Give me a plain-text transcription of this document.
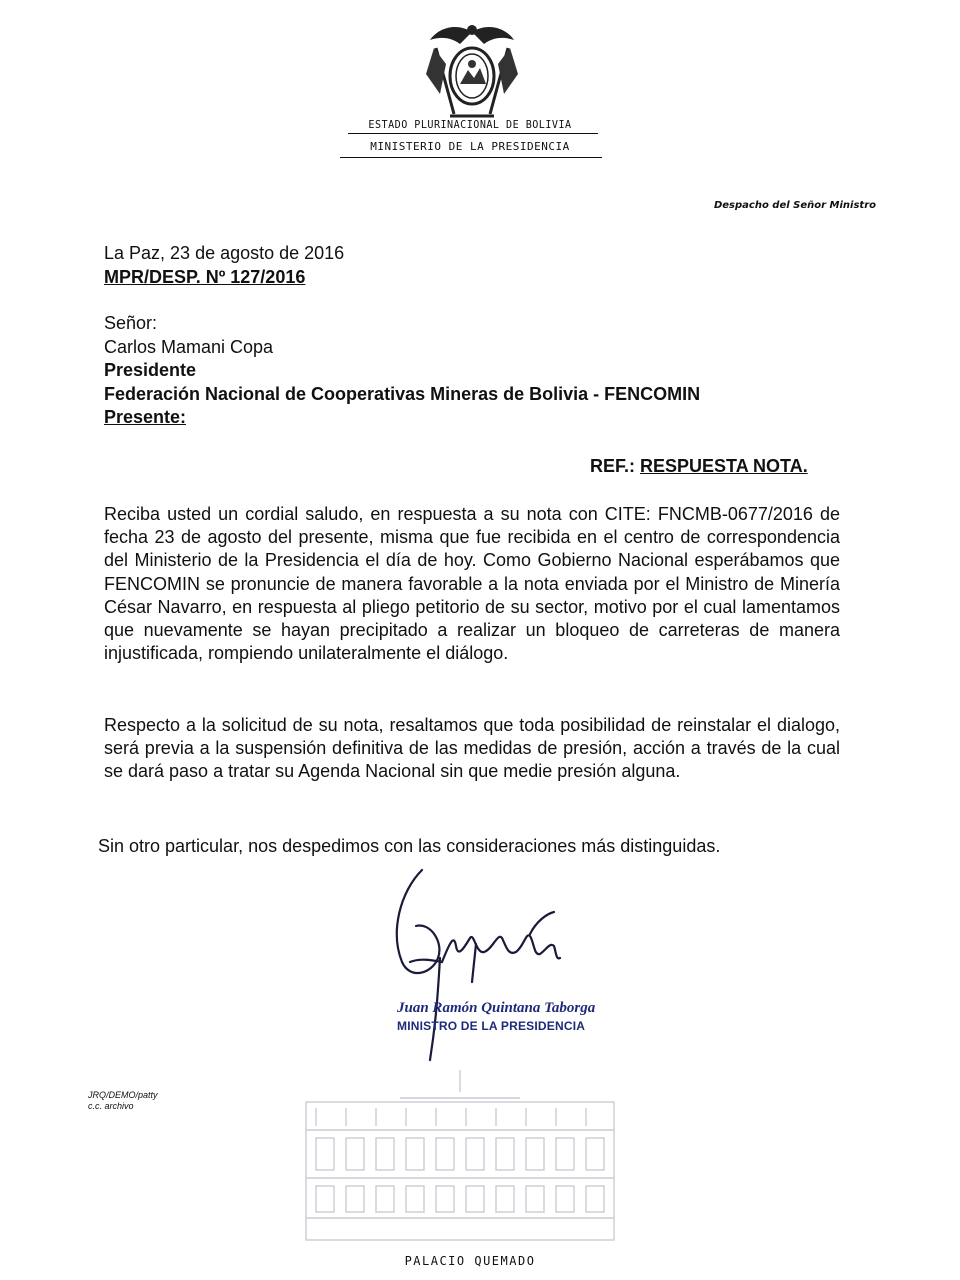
ESTADO PLURINACIONAL DE BOLIVIA
MINISTERIO DE LA PRESIDENCIA
Despacho del Señor Ministro
La Paz, 23 de agosto de 2016
MPR/DESP. Nº 127/2016
Señor:
Carlos Mamani Copa
Presidente
Federación Nacional de Cooperativas Mineras de Bolivia - FENCOMIN
Presente:
REF.: RESPUESTA NOTA.

Reciba usted un cordial saludo, en respuesta a su nota con CITE: FNCMB-0677/2016 de fecha 23 de agosto del presente, misma que fue recibida en el centro de correspondencia del Ministerio de la Presidencia el día de hoy. Como Gobierno Nacional esperábamos que FENCOMIN se pronuncie de manera favorable a la nota enviada por el Ministro de Minería César Navarro, en respuesta al pliego petitorio de su sector, motivo por el cual lamentamos que nuevamente se hayan precipitado a realizar un bloqueo de carreteras de manera injustificada, rompiendo unilateralmente el diálogo.

Respecto a la solicitud de su nota, resaltamos que toda posibilidad de reinstalar el dialogo, será previa a la suspensión definitiva de las medidas de presión, acción a través de la cual se dará paso a tratar su Agenda Nacional sin que medie presión alguna.

Sin otro particular, nos despedimos con las consideraciones más distinguidas.
Juan Ramón Quintana Taborga
MINISTRO DE LA PRESIDENCIA
JRQ/DEMO/patty
c.c. archivo
PALACIO QUEMADO
